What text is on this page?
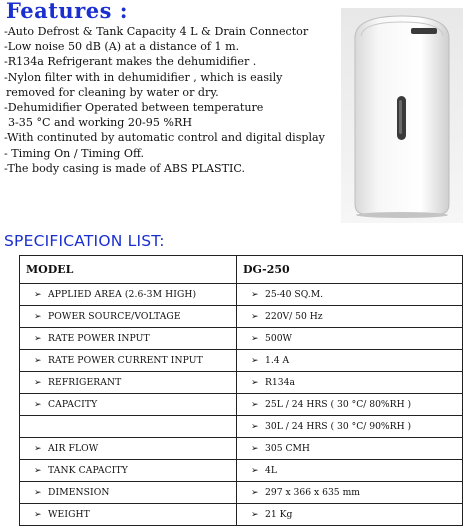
Features :
-Auto Defrost & Tank Capacity 4 L & Drain Connector
-Low noise 50 dB (A) at a distance of 1 m.
-R134a Refrigerant makes the dehumidifier .
-Nylon filter with in dehumidifier , which is easily
removed for cleaning by water or dry.
-Dehumidifier Operated between temperature
3-35 °C and working 20-95 %RH
-With continuted by automatic control and digital display
- Timing On / Timing Off.
-The body casing is made of ABS PLASTIC.
SPECIFICATION LIST:
MODEL	DG-250
➢ APPLIED AREA (2.6-3M HIGH)	➢ 25-40 SQ.M.
➢ POWER SOURCE/VOLTAGE	➢ 220V/ 50 Hz
➢ RATE POWER INPUT	➢ 500W
➢ RATE POWER CURRENT INPUT	➢ 1.4 A
➢ REFRIGERANT	➢ R134a
➢ CAPACITY	➢ 25L / 24 HRS ( 30 °C/ 80%RH )
	➢ 30L / 24 HRS ( 30 °C/ 90%RH )
➢ AIR FLOW	➢ 305 CMH
➢ TANK CAPACITY	➢ 4L
➢ DIMENSION	➢ 297 x 366 x 635 mm
➢ WEIGHT	➢ 21 Kg
